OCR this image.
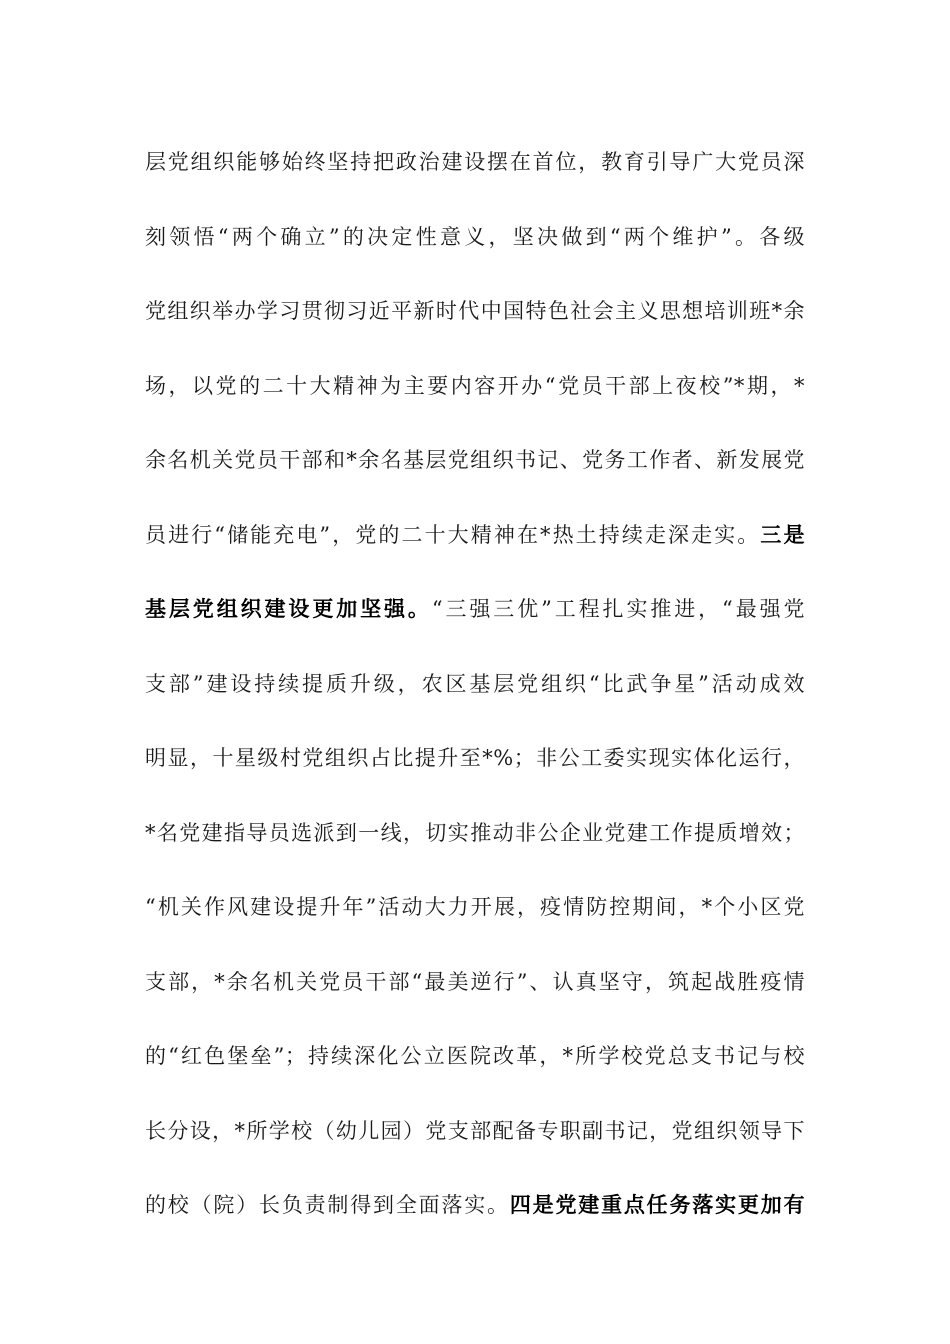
层党组织能够始终坚持把政治建设摆在首位，教育引导广大党员深
刻领悟“两个确立”的决定性意义，坚决做到“两个维护”。各级
党组织举办学习贯彻习近平新时代中国特色社会主义思想培训班*余
场，以党的二十大精神为主要内容开办“党员干部上夜校”*期，*
余名机关党员干部和*余名基层党组织书记、党务工作者、新发展党
员进行“储能充电”，党的二十大精神在*热土持续走深走实。三是
基层党组织建设更加坚强。“三强三优”工程扎实推进，“最强党
支部”建设持续提质升级，农区基层党组织“比武争星”活动成效
明显，十星级村党组织占比提升至*%；非公工委实现实体化运行，
*名党建指导员选派到一线，切实推动非公企业党建工作提质增效；
“机关作风建设提升年”活动大力开展，疫情防控期间，*个小区党
支部，*余名机关党员干部“最美逆行”、认真坚守，筑起战胜疫情
的“红色堡垒”；持续深化公立医院改革，*所学校党总支书记与校
长分设，*所学校（幼儿园）党支部配备专职副书记，党组织领导下
的校（院）长负责制得到全面落实。四是党建重点任务落实更加有
